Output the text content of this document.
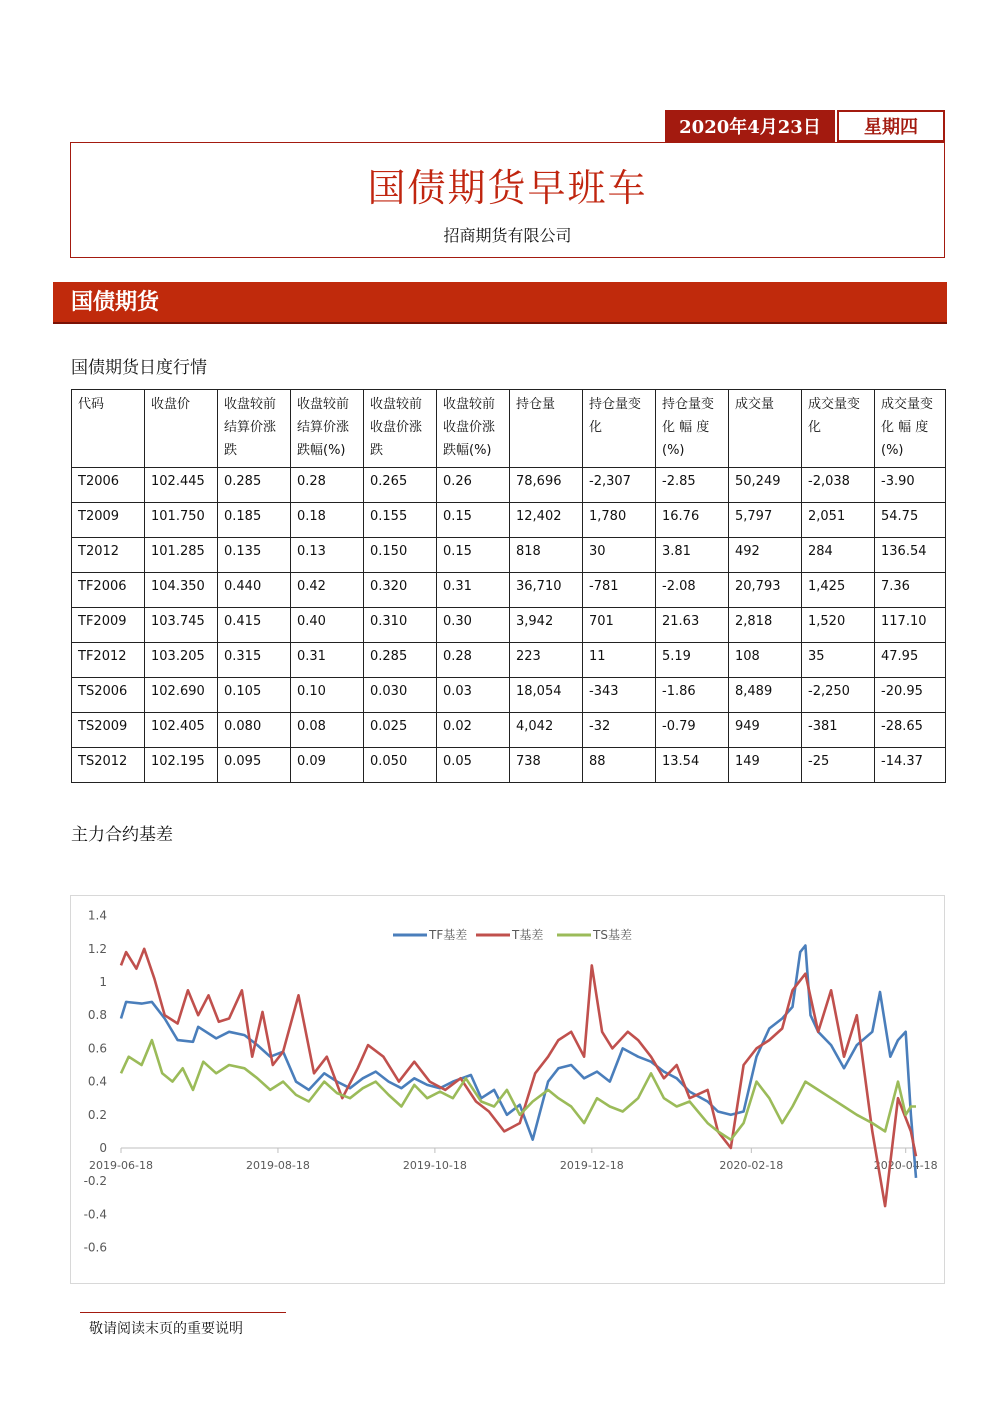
2020年4月23日	星期四
国债期货早班车
招商期货有限公司
国债期货
国债期货日度行情
代码	收盘价	收盘较前结算价涨跌	收盘较前结算价涨跌幅(%)	收盘较前收盘价涨跌	收盘较前收盘价涨跌幅(%)	持仓量	持仓量变化	持仓量变化 幅 度(%)	成交量	成交量变化	成交量变化 幅 度(%)
T2006	102.445	0.285	0.28	0.265	0.26	78,696	-2,307	-2.85	50,249	-2,038	-3.90
T2009	101.750	0.185	0.18	0.155	0.15	12,402	1,780	16.76	5,797	2,051	54.75
T2012	101.285	0.135	0.13	0.150	0.15	818	30	3.81	492	284	136.54
TF2006	104.350	0.440	0.42	0.320	0.31	36,710	-781	-2.08	20,793	1,425	7.36
TF2009	103.745	0.415	0.40	0.310	0.30	3,942	701	21.63	2,818	1,520	117.10
TF2012	103.205	0.315	0.31	0.285	0.28	223	11	5.19	108	35	47.95
TS2006	102.690	0.105	0.10	0.030	0.03	18,054	-343	-1.86	8,489	-2,250	-20.95
TS2009	102.405	0.080	0.08	0.025	0.02	4,042	-32	-0.79	949	-381	-28.65
TS2012	102.195	0.095	0.09	0.050	0.05	738	88	13.54	149	-25	-14.37
主力合约基差
1.4
1.2
1
0.8
0.6
0.4
0.2
0
-0.2
-0.4
-0.6
2019-06-18	2019-08-18	2019-10-18	2019-12-18	2020-02-18	2020-04-18
TF基差	T基差	TS基差
敬请阅读末页的重要说明
